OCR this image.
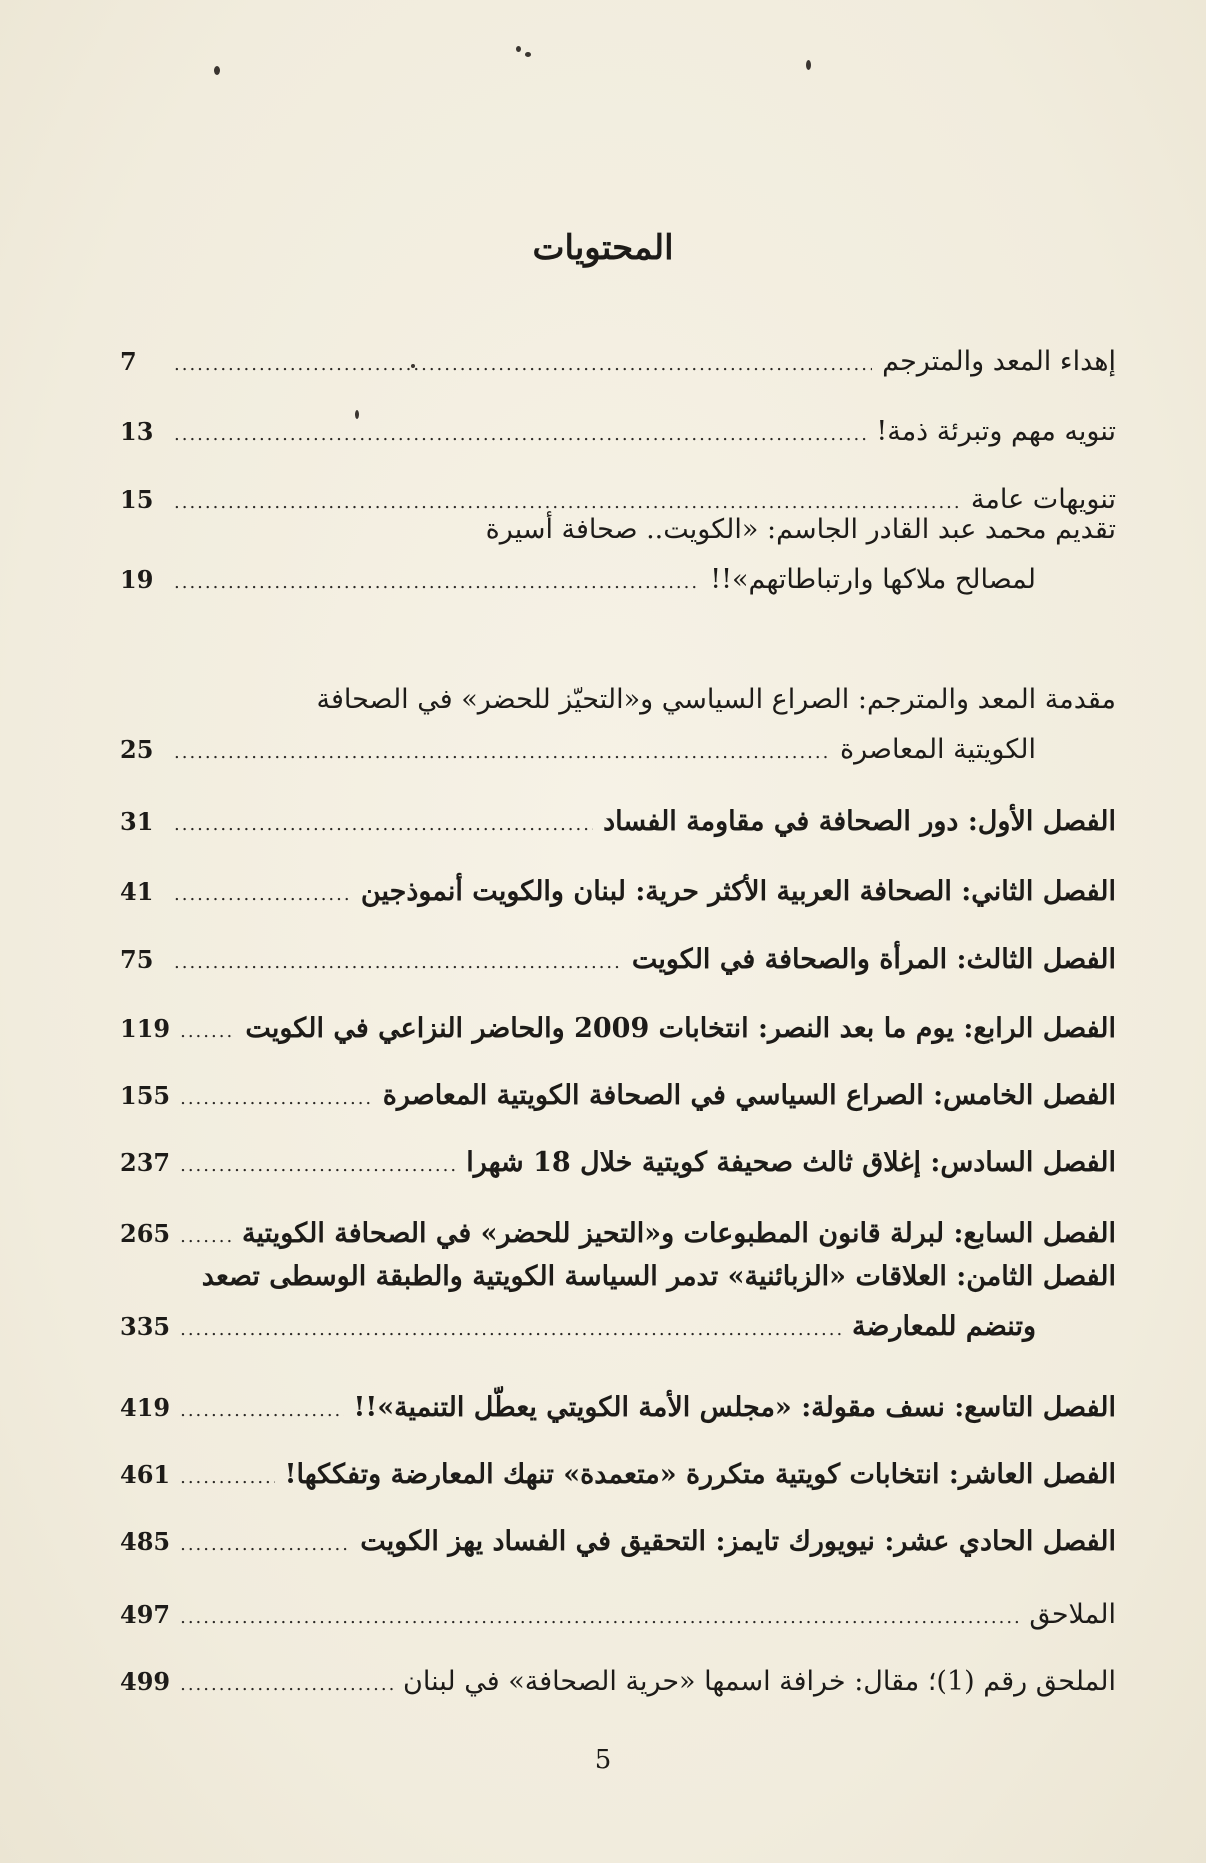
المحتويات
إهداء المعد والمترجم
.....
7
تنويه مهم وتبرئة ذمة!
.....
13
تنويهات عامة
.....
15
تقديم محمد عبد القادر الجاسم: «الكويت.. صحافة أسيرة
لمصالح ملاكها وارتباطاتهم»!!
.....
19
مقدمة المعد والمترجم: الصراع السياسي و«التحيّز للحضر» في الصحافة
الكويتية المعاصرة
.....
25
الفصل الأول: دور الصحافة في مقاومة الفساد
.....
31
الفصل الثاني: الصحافة العربية الأكثر حرية: لبنان والكويت أنموذجين
.....
41
الفصل الثالث: المرأة والصحافة في الكويت
.....
75
الفصل الرابع: يوم ما بعد النصر: انتخابات 2009 والحاضر النزاعي في الكويت
.....
119
الفصل الخامس: الصراع السياسي في الصحافة الكويتية المعاصرة
.....
155
الفصل السادس: إغلاق ثالث صحيفة كويتية خلال 18 شهرا
.....
237
الفصل السابع: لبرلة قانون المطبوعات و«التحيز للحضر» في الصحافة الكويتية
.....
265
الفصل الثامن: العلاقات «الزبائنية» تدمر السياسة الكويتية والطبقة الوسطى تصعد
وتنضم للمعارضة
.....
335
الفصل التاسع: نسف مقولة: «مجلس الأمة الكويتي يعطّل التنمية»!!
.....
419
الفصل العاشر: انتخابات كويتية متكررة «متعمدة» تنهك المعارضة وتفككها!
.....
461
الفصل الحادي عشر: نيويورك تايمز: التحقيق في الفساد يهز الكويت
.....
485
الملاحق
.....
497
الملحق رقم (1)؛ مقال: خرافة اسمها «حرية الصحافة» في لبنان
.....
499
5
